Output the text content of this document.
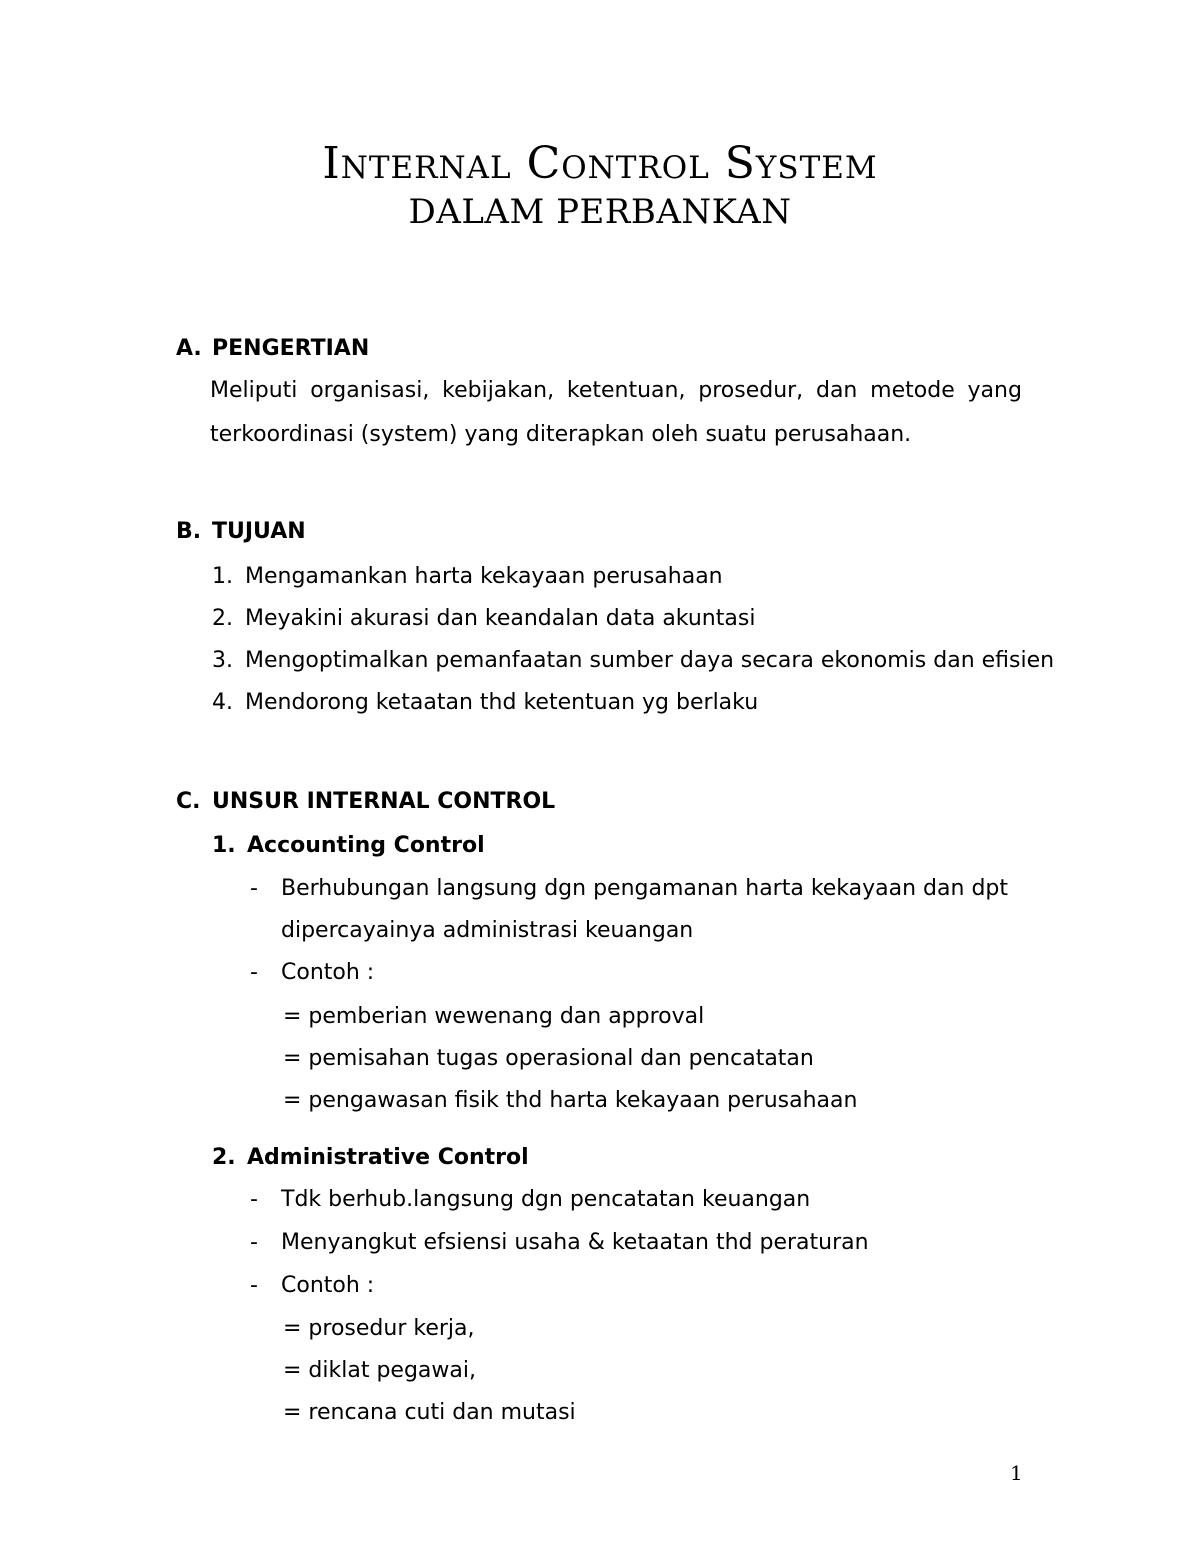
Internal Control System
DALAM PERBANKAN
A. PENGERTIAN
Meliputi organisasi, kebijakan, ketentuan, prosedur, dan metode yang
terkoordinasi (system) yang diterapkan oleh suatu perusahaan.
B. TUJUAN
1. Mengamankan harta kekayaan perusahaan
2. Meyakini akurasi dan keandalan data akuntasi
3. Mengoptimalkan pemanfaatan sumber daya secara ekonomis dan efisien
4. Mendorong ketaatan thd ketentuan yg berlaku
C. UNSUR INTERNAL CONTROL
1. Accounting Control
- Berhubungan langsung dgn pengamanan harta kekayaan dan dpt
dipercayainya administrasi keuangan
- Contoh :
= pemberian wewenang dan approval
= pemisahan tugas operasional dan pencatatan
= pengawasan fisik thd harta kekayaan perusahaan
2. Administrative Control
- Tdk berhub.langsung dgn pencatatan keuangan
- Menyangkut efsiensi usaha & ketaatan thd peraturan
- Contoh :
= prosedur kerja,
= diklat pegawai,
= rencana cuti dan mutasi
1
